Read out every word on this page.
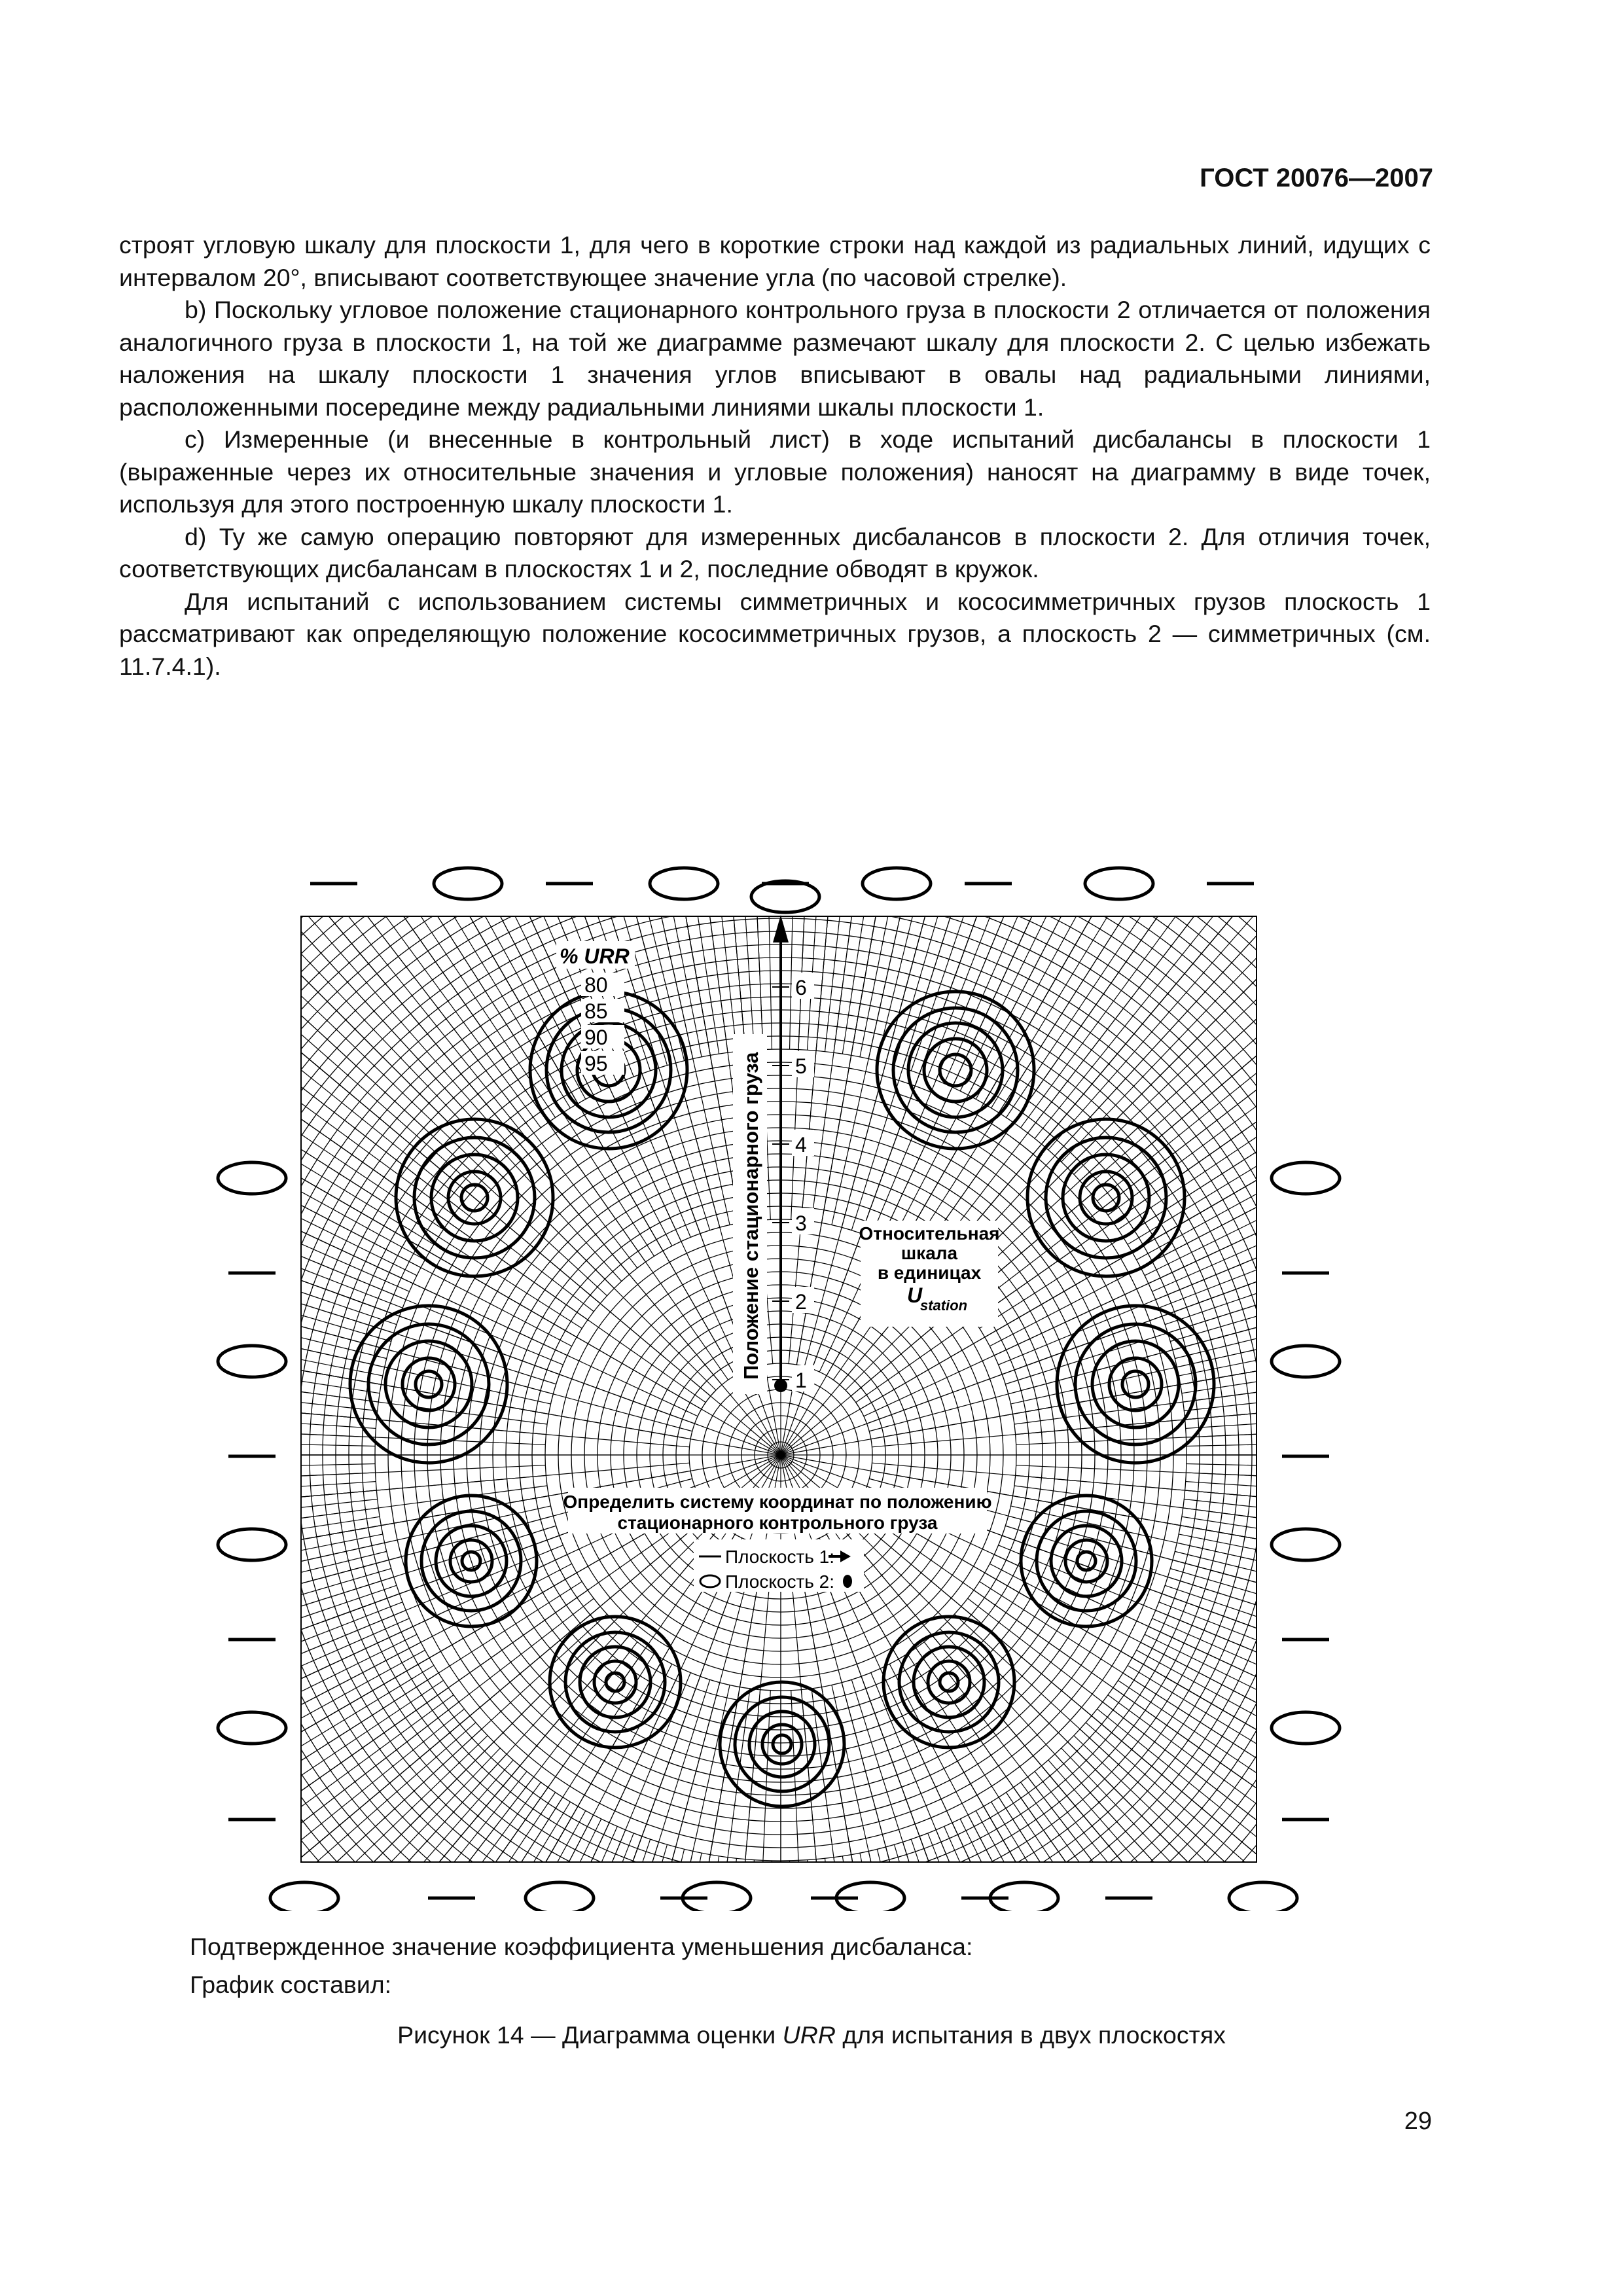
ГОСТ 20076—2007

строят угловую шкалу для плоскости 1, для чего в короткие строки над каждой из радиальных линий, идущих с интервалом 20°, вписывают соответствующее значение угла (по часовой стрелке).

b) Поскольку угловое положение стационарного контрольного груза в плоскости 2 отличается от положения аналогичного груза в плоскости 1, на той же диаграмме размечают шкалу для плоскости 2. С целью избежать наложения на шкалу плоскости 1 значения углов вписывают в овалы над радиальными линиями, расположенными посередине между радиальными линиями шкалы плоскости 1.

c) Измеренные (и внесенные в контрольный лист) в ходе испытаний дисбалансы в плоскости 1 (выраженные через их относительные значения и угловые положения) наносят на диаграмму в виде точек, используя для этого построенную шкалу плоскости 1.

d) Ту же самую операцию повторяют для измеренных дисбалансов в плоскости 2. Для отличия точек, соответствующих дисбалансам в плоскостях 1 и 2, последние обводят в кружок.

Для испытаний с использованием системы симметричных и кососимметричных грузов плоскость 1 рассматривают как определяющую положение кососимметричных грузов, а плоскость 2 — симметричных (см. 11.7.4.1).

% URR
80
85
90
95	Положение стационарного груза
1
2
3
4
5
6
Относительная
шкала
в единицах
U
station
Определить систему координат по положению
стационарного контрольного груза
Плоскость 1:
Плоскость 2:
Подтвержденное значение коэффициента уменьшения дисбаланса:
График составил:
Рисунок 14 — Диаграмма оценки URR для испытания в двух плоскостях
29
